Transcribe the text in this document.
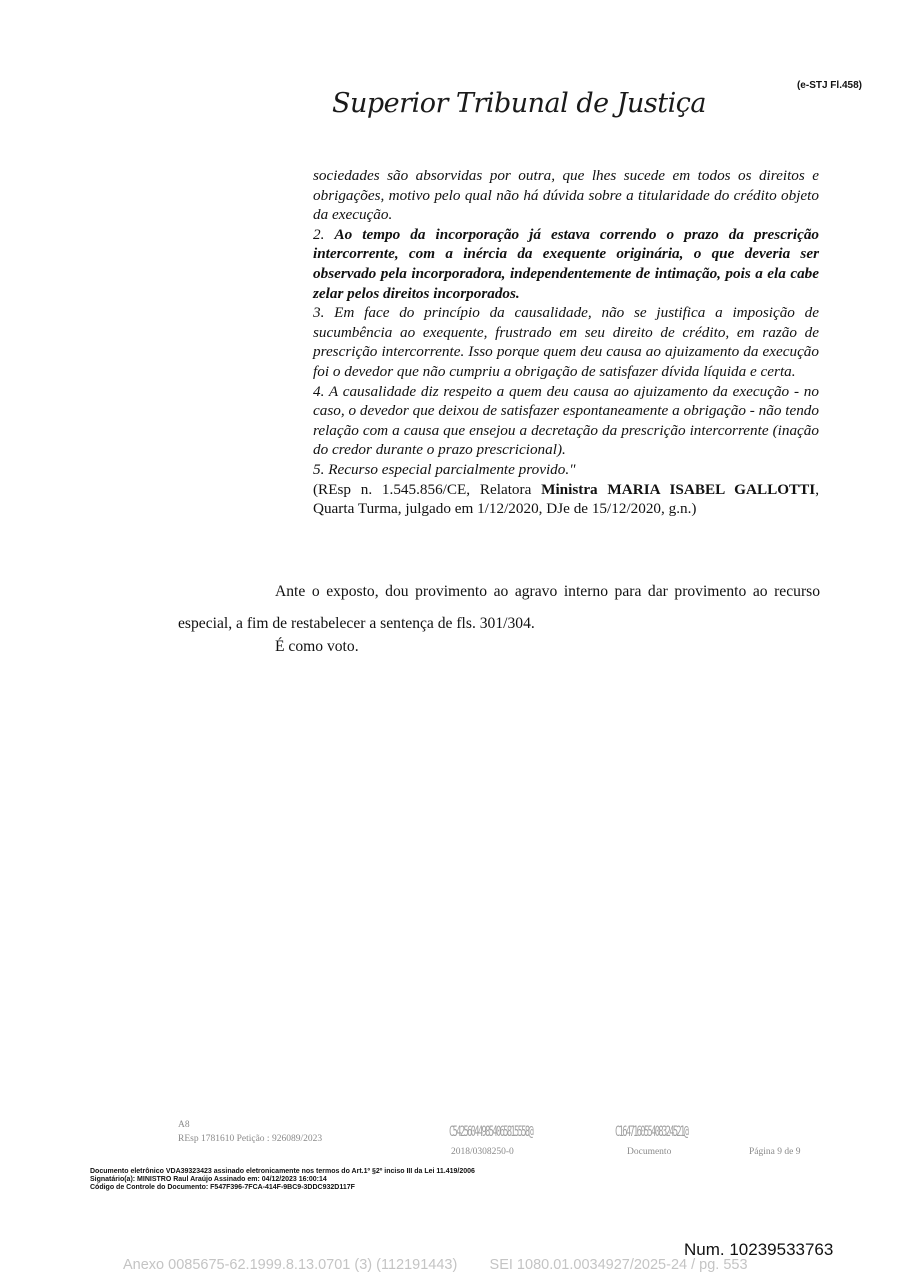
(e-STJ Fl.458)
Superior Tribunal de Justiça

sociedades são absorvidas por outra, que lhes sucede em todos os direitos e obrigações, motivo pelo qual não há dúvida sobre a titularidade do crédito objeto da execução.

2. Ao tempo da incorporação já estava correndo o prazo da prescrição intercorrente, com a inércia da exequente originária, o que deveria ser observado pela incorporadora, independentemente de intimação, pois a ela cabe zelar pelos direitos incorporados.

3. Em face do princípio da causalidade, não se justifica a imposição de sucumbência ao exequente, frustrado em seu direito de crédito, em razão de prescrição intercorrente. Isso porque quem deu causa ao ajuizamento da execução foi o devedor que não cumpriu a obrigação de satisfazer dívida líquida e certa.

4. A causalidade diz respeito a quem deu causa ao ajuizamento da execução - no caso, o devedor que deixou de satisfazer espontaneamente a obrigação - não tendo relação com a causa que ensejou a decretação da prescrição intercorrente (inação do credor durante o prazo prescricional).

5. Recurso especial parcialmente provido."

(REsp n. 1.545.856/CE, Relatora Ministra MARIA ISABEL GALLOTTI, Quarta Turma, julgado em 1/12/2020, DJe de 15/12/2020, g.n.)

Ante o exposto, dou provimento ao agravo interno para dar provimento ao recurso especial, a fim de restabelecer a sentença de fls. 301/304.
É como voto.
A8
REsp 1781610 Petição : 926089/2023	C542560449854065815558@
2018/0308250-0
C164716055408324521@
Documento	Página 9 de 9
Documento eletrônico VDA39323423 assinado eletronicamente nos termos do Art.1º §2º inciso III da Lei 11.419/2006
Signatário(a): MINISTRO Raul Araújo Assinado em: 04/12/2023 16:00:14
Código de Controle do Documento: F547F396-7FCA-414F-9BC9-3DDC932D117F
Num. 10239533763
Anexo 0085675-62.1999.8.13.0701 (3) (112191443)        SEI 1080.01.0034927/2025-24 / pg. 553
